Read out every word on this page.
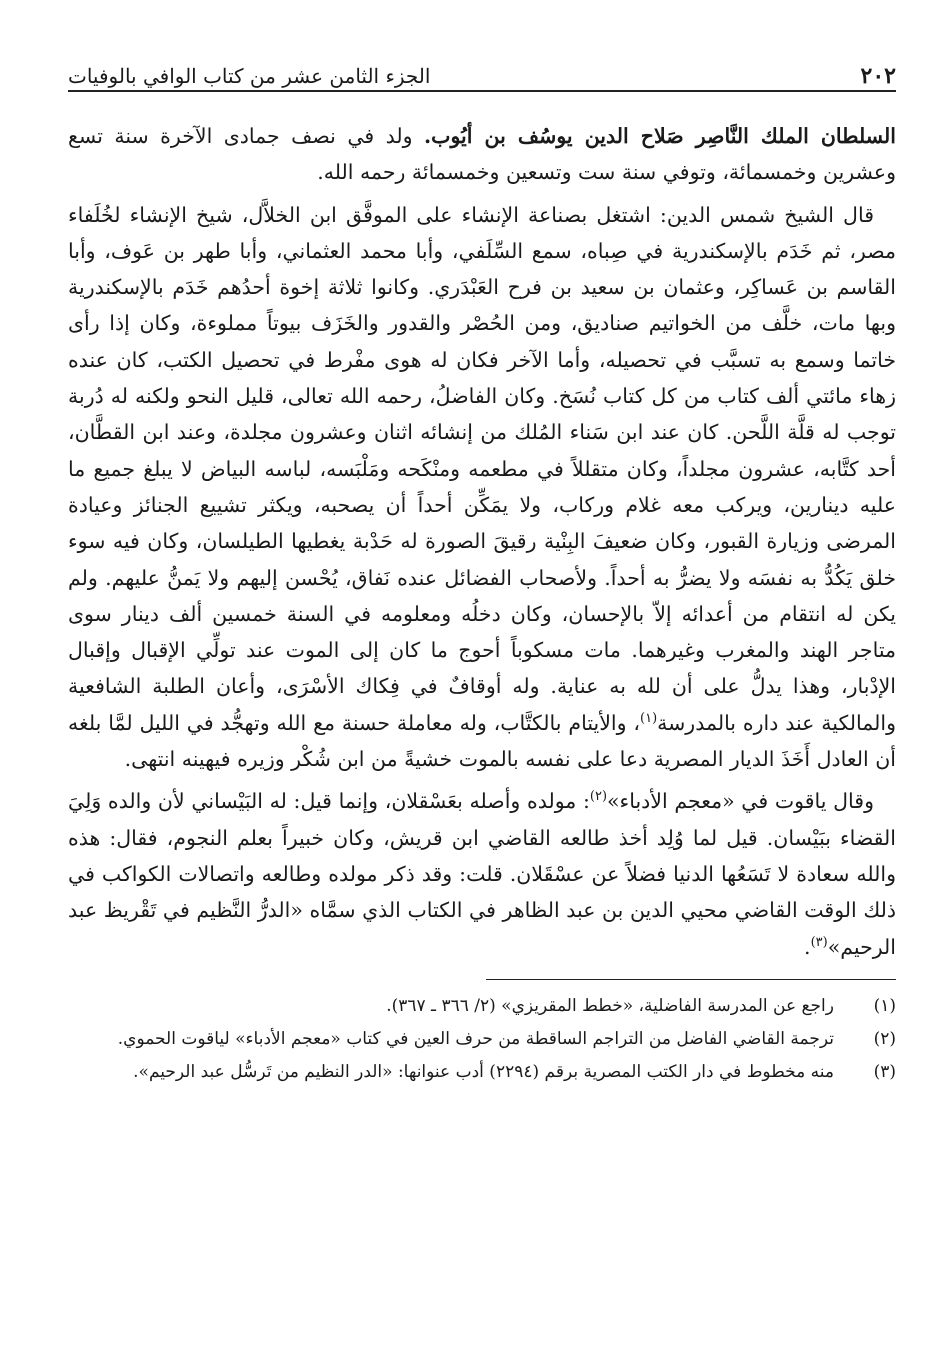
٢٠٢
الجزء الثامن عشر من كتاب الوافي بالوفيات

السلطان الملك النَّاصِر صَلاح الدين يوسُف بن أيُوب. ولد في نصف جمادى الآخرة سنة تسع وعشرين وخمسمائة، وتوفي سنة ست وتسعين وخمسمائة رحمه الله.

قال الشيخ شمس الدين: اشتغل بصناعة الإنشاء على الموفَّق ابن الخلاَّل، شيخ الإنشاء لخُلَفاء مصر، ثم خَدَم بالإسكندرية في صِباه، سمع السِّلَفي، وأبا محمد العثماني، وأبا طهر بن عَوف، وأبا القاسم بن عَساكِر، وعثمان بن سعيد بن فرح العَبْدَري. وكانوا ثلاثة إخوة أحدُهم خَدَم بالإسكندرية وبها مات، خلَّف من الخواتيم صناديق، ومن الحُصْر والقدور والخَزَف بيوتاً مملوءة، وكان إذا رأى خاتما وسمع به تسبَّب في تحصيله، وأما الآخر فكان له هوى مفْرط في تحصيل الكتب، كان عنده زهاء مائتي ألف كتاب من كل كتاب نُسَخ. وكان الفاضلُ، رحمه الله تعالى، قليل النحو ولكنه له دُربة توجب له قلَّة اللَّحن. كان عند ابن سَناء المُلك من إنشائه اثنان وعشرون مجلدة، وعند ابن القطَّان، أحد كتَّابه، عشرون مجلداً، وكان متقللاً في مطعمه ومنْكَحه ومَلْبَسه، لباسه البياض لا يبلغ جميع ما عليه دينارين، ويركب معه غلام وركاب، ولا يمَكِّن أحداً أن يصحبه، ويكثر تشييع الجنائز وعيادة المرضى وزيارة القبور، وكان ضعيفَ البِنْية رقيقَ الصورة له حَدْبة يغطيها الطيلسان، وكان فيه سوء خلق يَكُدُّ به نفسَه ولا يضرُّ به أحداً. ولأصحاب الفضائل عنده نَفاق، يُحْسن إليهم ولا يَمنُّ عليهم. ولم يكن له انتقام من أعدائه إلاّ بالإحسان، وكان دخلُه ومعلومه في السنة خمسين ألف دينار سوى متاجر الهند والمغرب وغيرهما. مات مسكوباً أحوج ما كان إلى الموت عند تولِّي الإقبال وإقبال الإدْبار، وهذا يدلُّ على أن لله به عناية. وله أوقافٌ في فِكاك الأسْرَى، وأعان الطلبة الشافعية والمالكية عند داره بالمدرسة$^{(١)}$، والأيتام بالكتَّاب، وله معاملة حسنة مع الله وتهجُّد في الليل لمَّا بلغه أن العادل أَخَذَ الديار المصرية دعا على نفسه بالموت خشيةً من ابن شُكْر وزيره فيهينه انتهى.

وقال ياقوت في «معجم الأدباء»$^{(٢)}$: مولده وأصله بعَسْقلان، وإنما قيل: له البَيْساني لأن والده وَلِيَ القضاء ببَيْسان. قيل لما وُلِد أخذ طالعه القاضي ابن قريش، وكان خبيراً بعلم النجوم، فقال: هذه والله سعادة لا تَسَعُها الدنيا فضلاً عن عسْقَلان. قلت: وقد ذكر مولده وطالعه واتصالات الكواكب في ذلك الوقت القاضي محيي الدين بن عبد الظاهر في الكتاب الذي سمَّاه «الدرُّ النَّظيم في تَقْريظ عبد الرحيم»$^{(٣)}$.

(١)
راجع عن المدرسة الفاضلية، «خطط المقريزي» (٢/ ٣٦٦ ـ ٣٦٧).
(٢)
ترجمة القاضي الفاضل من التراجم الساقطة من حرف العين في كتاب «معجم الأدباء» لياقوت الحموي.
(٣)
منه مخطوط في دار الكتب المصرية برقم (٢٢٩٤) أدب عنوانها: «الدر النظيم من تَرسُّل عبد الرحيم».
